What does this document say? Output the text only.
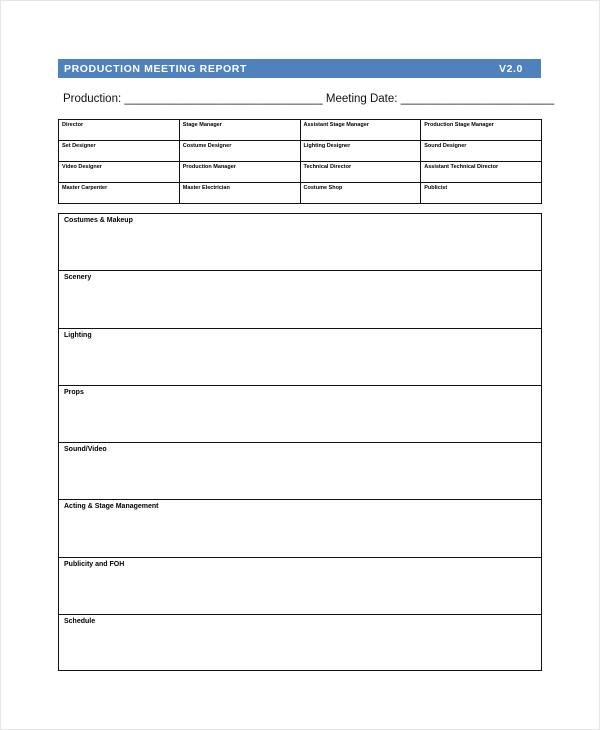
PRODUCTION MEETING REPORT	V2.0
Production: _______________________________ Meeting Date: ________________________
Director	Stage Manager	Assistant Stage Manager	Production Stage Manager
Set Designer	Costume Designer	Lighting Designer	Sound Designer
Video Designer	Production Manager	Technical Director	Assistant Technical Director
Master Carpenter	Master Electrician	Costume Shop	Publicist
Costumes & Makeup
Scenery
Lighting
Props
Sound/Video
Acting & Stage Management
Publicity and FOH
Schedule
